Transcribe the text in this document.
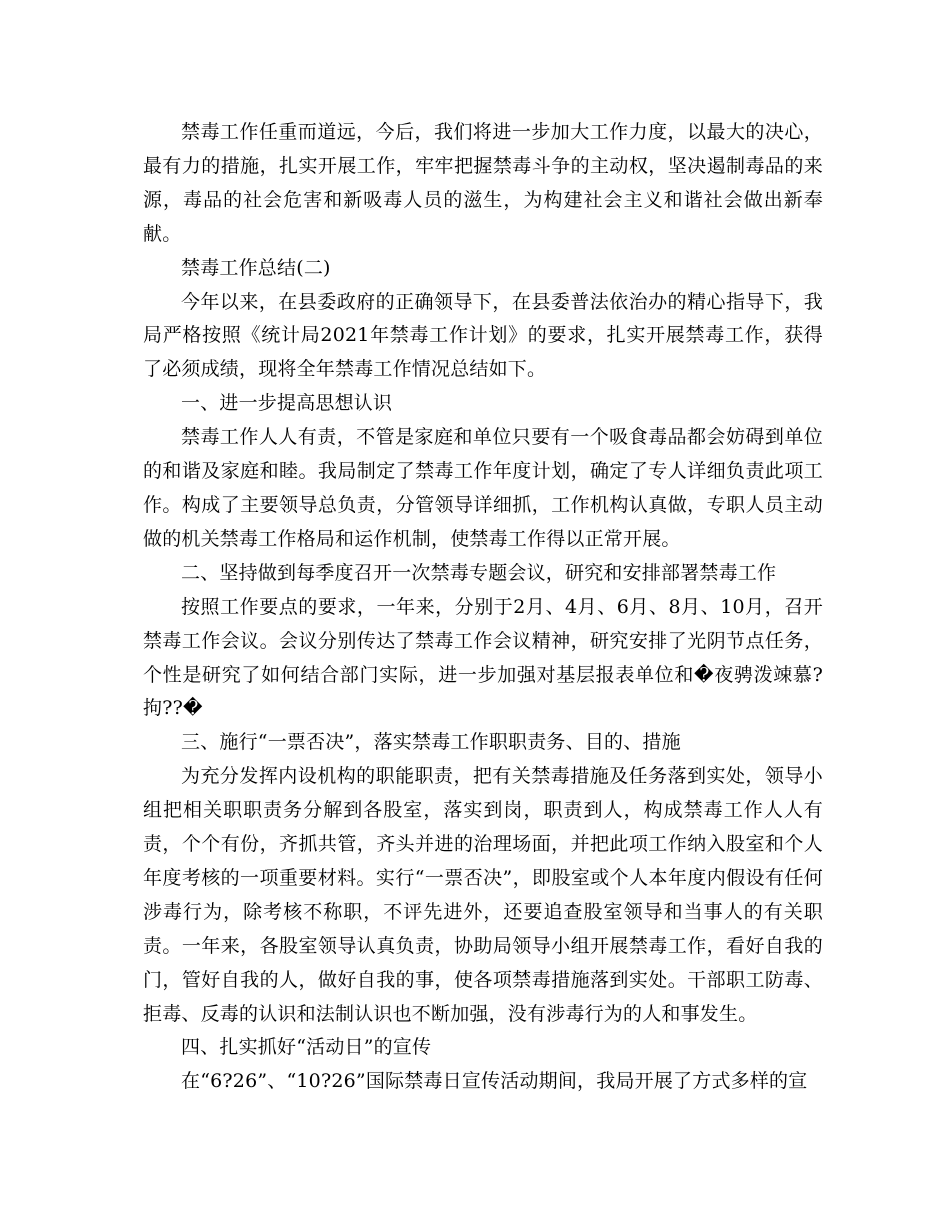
禁毒工作任重而道远，今后，我们将进一步加大工作力度，以最大的决心，最有力的措施，扎实开展工作，牢牢把握禁毒斗争的主动权，坚决遏制毒品的来源，毒品的社会危害和新吸毒人员的滋生，为构建社会主义和谐社会做出新奉献。

禁毒工作总结(二)

今年以来，在县委政府的正确领导下，在县委普法依治办的精心指导下，我局严格按照《统计局2021年禁毒工作计划》的要求，扎实开展禁毒工作，获得了必须成绩，现将全年禁毒工作情况总结如下。

一、进一步提高思想认识

禁毒工作人人有责，不管是家庭和单位只要有一个吸食毒品都会妨碍到单位的和谐及家庭和睦。我局制定了禁毒工作年度计划，确定了专人详细负责此项工作。构成了主要领导总负责，分管领导详细抓，工作机构认真做，专职人员主动做的机关禁毒工作格局和运作机制，使禁毒工作得以正常开展。

二、坚持做到每季度召开一次禁毒专题会议，研究和安排部署禁毒工作

按照工作要点的要求，一年来，分别于2月、4月、6月、8月、10月，召开禁毒工作会议。会议分别传达了禁毒工作会议精神，研究安排了光阴节点任务，个性是研究了如何结合部门实际，进一步加强对基层报表单位和�夜骋泼竦慕?拘??�

三、施行“一票否决”，落实禁毒工作职职责务、目的、措施

为充分发挥内设机构的职能职责，把有关禁毒措施及任务落到实处，领导小组把相关职职责务分解到各股室，落实到岗，职责到人，构成禁毒工作人人有责，个个有份，齐抓共管，齐头并进的治理场面，并把此项工作纳入股室和个人年度考核的一项重要材料。实行“一票否决”，即股室或个人本年度内假设有任何涉毒行为，除考核不称职，不评先进外，还要追查股室领导和当事人的有关职责。一年来，各股室领导认真负责，协助局领导小组开展禁毒工作，看好自我的门，管好自我的人，做好自我的事，使各项禁毒措施落到实处。干部职工防毒、拒毒、反毒的认识和法制认识也不断加强，没有涉毒行为的人和事发生。

四、扎实抓好“活动日”的宣传

在“6?26”、“10?26”国际禁毒日宣传活动期间，我局开展了方式多样的宣
